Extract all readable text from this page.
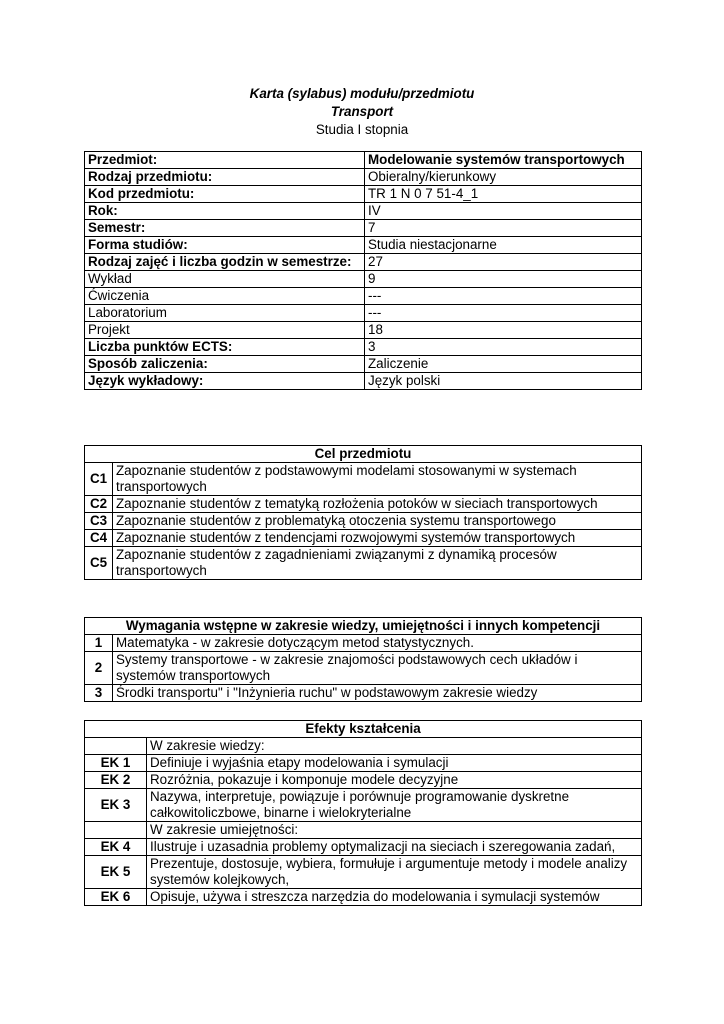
Karta (sylabus) modułu/przedmiotu
Transport
Studia I stopnia
Przedmiot:	Modelowanie systemów transportowych
Rodzaj przedmiotu:	Obieralny/kierunkowy
Kod przedmiotu:	TR 1 N 0 7 51-4_1
Rok:	IV
Semestr:	7
Forma studiów:	Studia niestacjonarne
Rodzaj zajęć i liczba godzin w semestrze:	27
Wykład	9
Ćwiczenia	---
Laboratorium	---
Projekt	18
Liczba punktów ECTS:	3
Sposób zaliczenia:	Zaliczenie
Język wykładowy:	Język polski
Cel przedmiotu	
C1	Zapoznanie studentów z podstawowymi modelami stosowanymi w systemach transportowych
C2	Zapoznanie studentów z tematyką rozłożenia potoków w sieciach transportowych
C3	Zapoznanie studentów z problematyką otoczenia systemu transportowego
C4	Zapoznanie studentów z tendencjami rozwojowymi systemów transportowych
C5	Zapoznanie studentów z zagadnieniami związanymi z dynamiką procesów transportowych
Wymagania wstępne w zakresie wiedzy, umiejętności i innych kompetencji	
1	Matematyka - w zakresie dotyczącym metod statystycznych.
2	Systemy transportowe - w zakresie znajomości podstawowych cech układów i systemów transportowych
3	Środki transportu" i "Inżynieria ruchu" w podstawowym zakresie wiedzy
Efekty kształcenia	
	W zakresie wiedzy:
EK 1	Definiuje i wyjaśnia etapy modelowania i symulacji
EK 2	Rozróżnia, pokazuje i komponuje modele decyzyjne
EK 3	Nazywa, interpretuje, powiązuje i porównuje programowanie dyskretne całkowitoliczbowe, binarne i wielokryterialne
	W zakresie umiejętności:
EK 4	Ilustruje i uzasadnia problemy optymalizacji na sieciach i szeregowania zadań,
EK 5	Prezentuje, dostosuje, wybiera, formułuje i argumentuje metody i modele analizy systemów kolejkowych,
EK 6	Opisuje, używa i streszcza narzędzia do modelowania i symulacji systemów
